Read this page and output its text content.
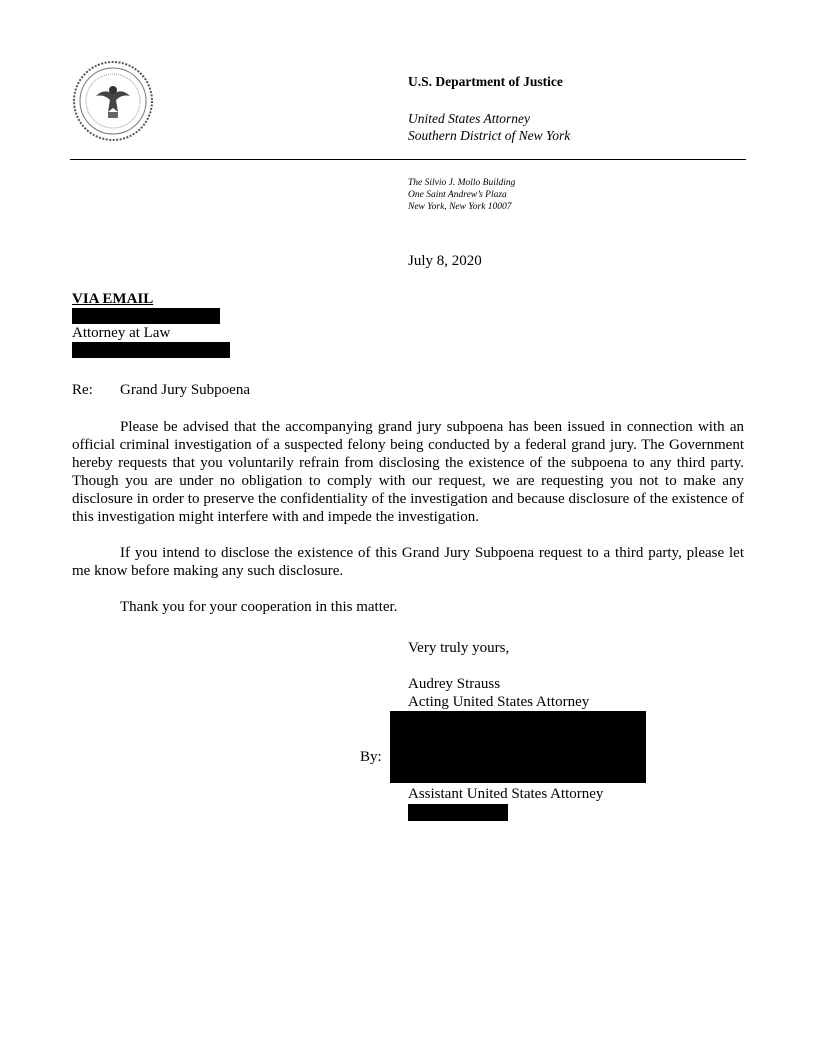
U.S. Department of Justice
United States Attorney
Southern District of New York
The Silvio J. Mollo Building
One Saint Andrew’s Plaza
New York, New York 10007
July 8, 2020
VIA EMAIL
Attorney at Law
Re: Grand Jury Subpoena

Please be advised that the accompanying grand jury subpoena has been issued in connection with an official criminal investigation of a suspected felony being conducted by a federal grand jury. The Government hereby requests that you voluntarily refrain from disclosing the existence of the subpoena to any third party. Though you are under no obligation to comply with our request, we are requesting you not to make any disclosure in order to preserve the confidentiality of the investigation and because disclosure of the existence of this investigation might interfere with and impede the investigation.

If you intend to disclose the existence of this Grand Jury Subpoena request to a third party, please let me know before making any such disclosure.

Thank you for your cooperation in this matter.

Very truly yours,
Audrey Strauss
Acting United States Attorney
By:
Assistant United States Attorney
